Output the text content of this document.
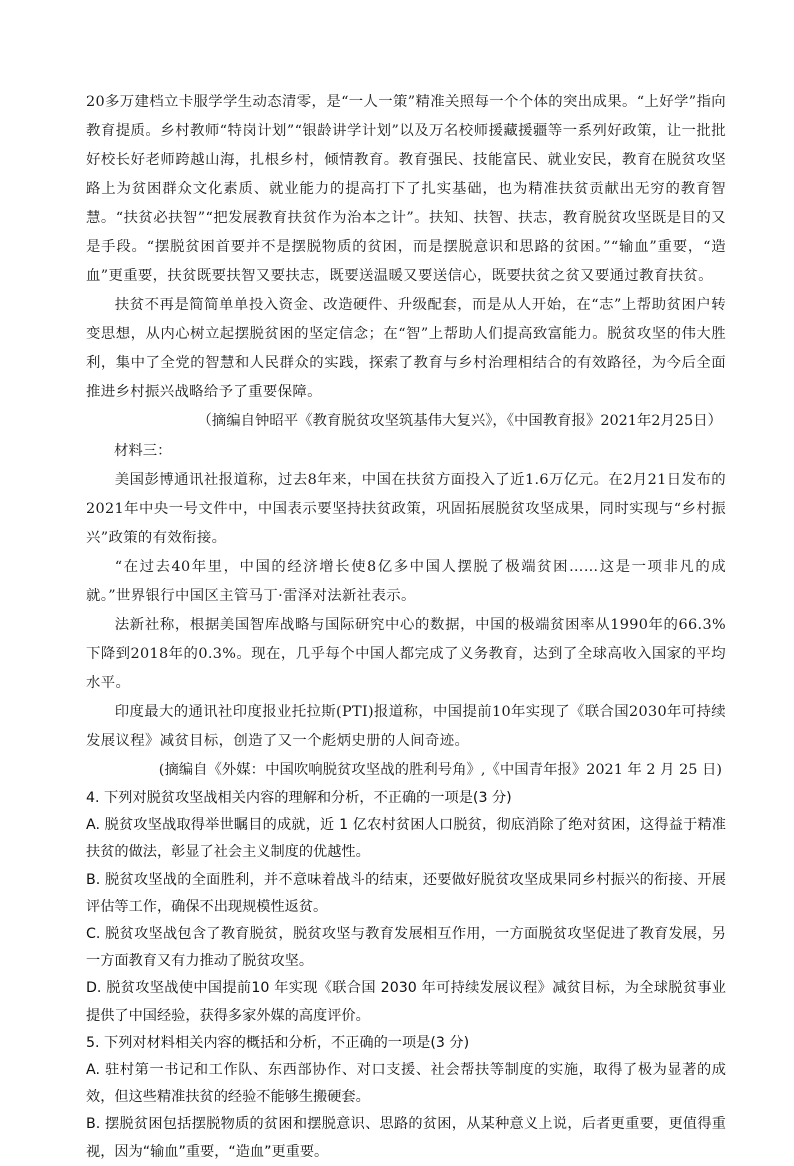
20多万建档立卡服学学生动态清零，是“一人一策”精准关照每一个个体的突出成果。“上好学”指向教育提质。乡村教师“特岗计划”“银龄讲学计划”以及万名校师援藏援疆等一系列好政策，让一批批好校长好老师跨越山海，扎根乡村，倾情教育。教育强民、技能富民、就业安民，教育在脱贫攻坚路上为贫困群众文化素质、就业能力的提高打下了扎实基础，也为精准扶贫贡献出无穷的教育智慧。“扶贫必扶智”“把发展教育扶贫作为治本之计”。扶知、扶智、扶志，教育脱贫攻坚既是目的又是手段。“摆脱贫困首要并不是摆脱物质的贫困，而是摆脱意识和思路的贫困。”“输血”重要，“造血”更重要，扶贫既要扶智又要扶志，既要送温暖又要送信心，既要扶贫之贫又要通过教育扶贫。

扶贫不再是简简单单投入资金、改造硬件、升级配套，而是从人开始，在“志”上帮助贫困户转变思想，从内心树立起摆脱贫困的坚定信念；在“智”上帮助人们提高致富能力。脱贫攻坚的伟大胜利，集中了全党的智慧和人民群众的实践，探索了教育与乡村治理相结合的有效路径，为今后全面推进乡村振兴战略给予了重要保障。

（摘编自钟昭平《教育脱贫攻坚筑基伟大复兴》，《中国教育报》2021年2月25日）

材料三：

美国彭博通讯社报道称，过去8年来，中国在扶贫方面投入了近1.6万亿元。在2月21日发布的2021年中央一号文件中，中国表示要坚持扶贫政策，巩固拓展脱贫攻坚成果，同时实现与“乡村振兴”政策的有效衔接。

“在过去40年里，中国的经济增长使8亿多中国人摆脱了极端贫困……这是一项非凡的成就。”世界银行中国区主管马丁·雷泽对法新社表示。

法新社称，根据美国智库战略与国际研究中心的数据，中国的极端贫困率从1990年的66.3%下降到2018年的0.3%。现在，几乎每个中国人都完成了义务教育，达到了全球高收入国家的平均水平。

印度最大的通讯社印度报业托拉斯(PTI)报道称，中国提前10年实现了《联合国2030年可持续发展议程》减贫目标，创造了又一个彪炳史册的人间奇迹。

(摘编自《外媒：中国吹响脱贫攻坚战的胜利号角》,《中国青年报》2021 年 2 月 25 日)

4. 下列对脱贫攻坚战相关内容的理解和分析，不正确的一项是(3 分)

A. 脱贫攻坚战取得举世瞩目的成就，近 1 亿农村贫困人口脱贫，彻底消除了绝对贫困，这得益于精准扶贫的做法，彰显了社会主义制度的优越性。

B. 脱贫攻坚战的全面胜利，并不意味着战斗的结束，还要做好脱贫攻坚成果同乡村振兴的衔接、开展评估等工作，确保不出现规模性返贫。

C. 脱贫攻坚战包含了教育脱贫，脱贫攻坚与教育发展相互作用，一方面脱贫攻坚促进了教育发展，另一方面教育又有力推动了脱贫攻坚。

D. 脱贫攻坚战使中国提前10 年实现《联合国 2030 年可持续发展议程》减贫目标，为全球脱贫事业提供了中国经验，获得多家外媒的高度评价。

5. 下列对材料相关内容的概括和分析，不正确的一项是(3 分)

A. 驻村第一书记和工作队、东西部协作、对口支援、社会帮扶等制度的实施，取得了极为显著的成效，但这些精准扶贫的经验不能够生搬硬套。

B. 摆脱贫困包括摆脱物质的贫困和摆脱意识、思路的贫困，从某种意义上说，后者更重要，更值得重视，因为“输血”重要，“造血”更重要。
